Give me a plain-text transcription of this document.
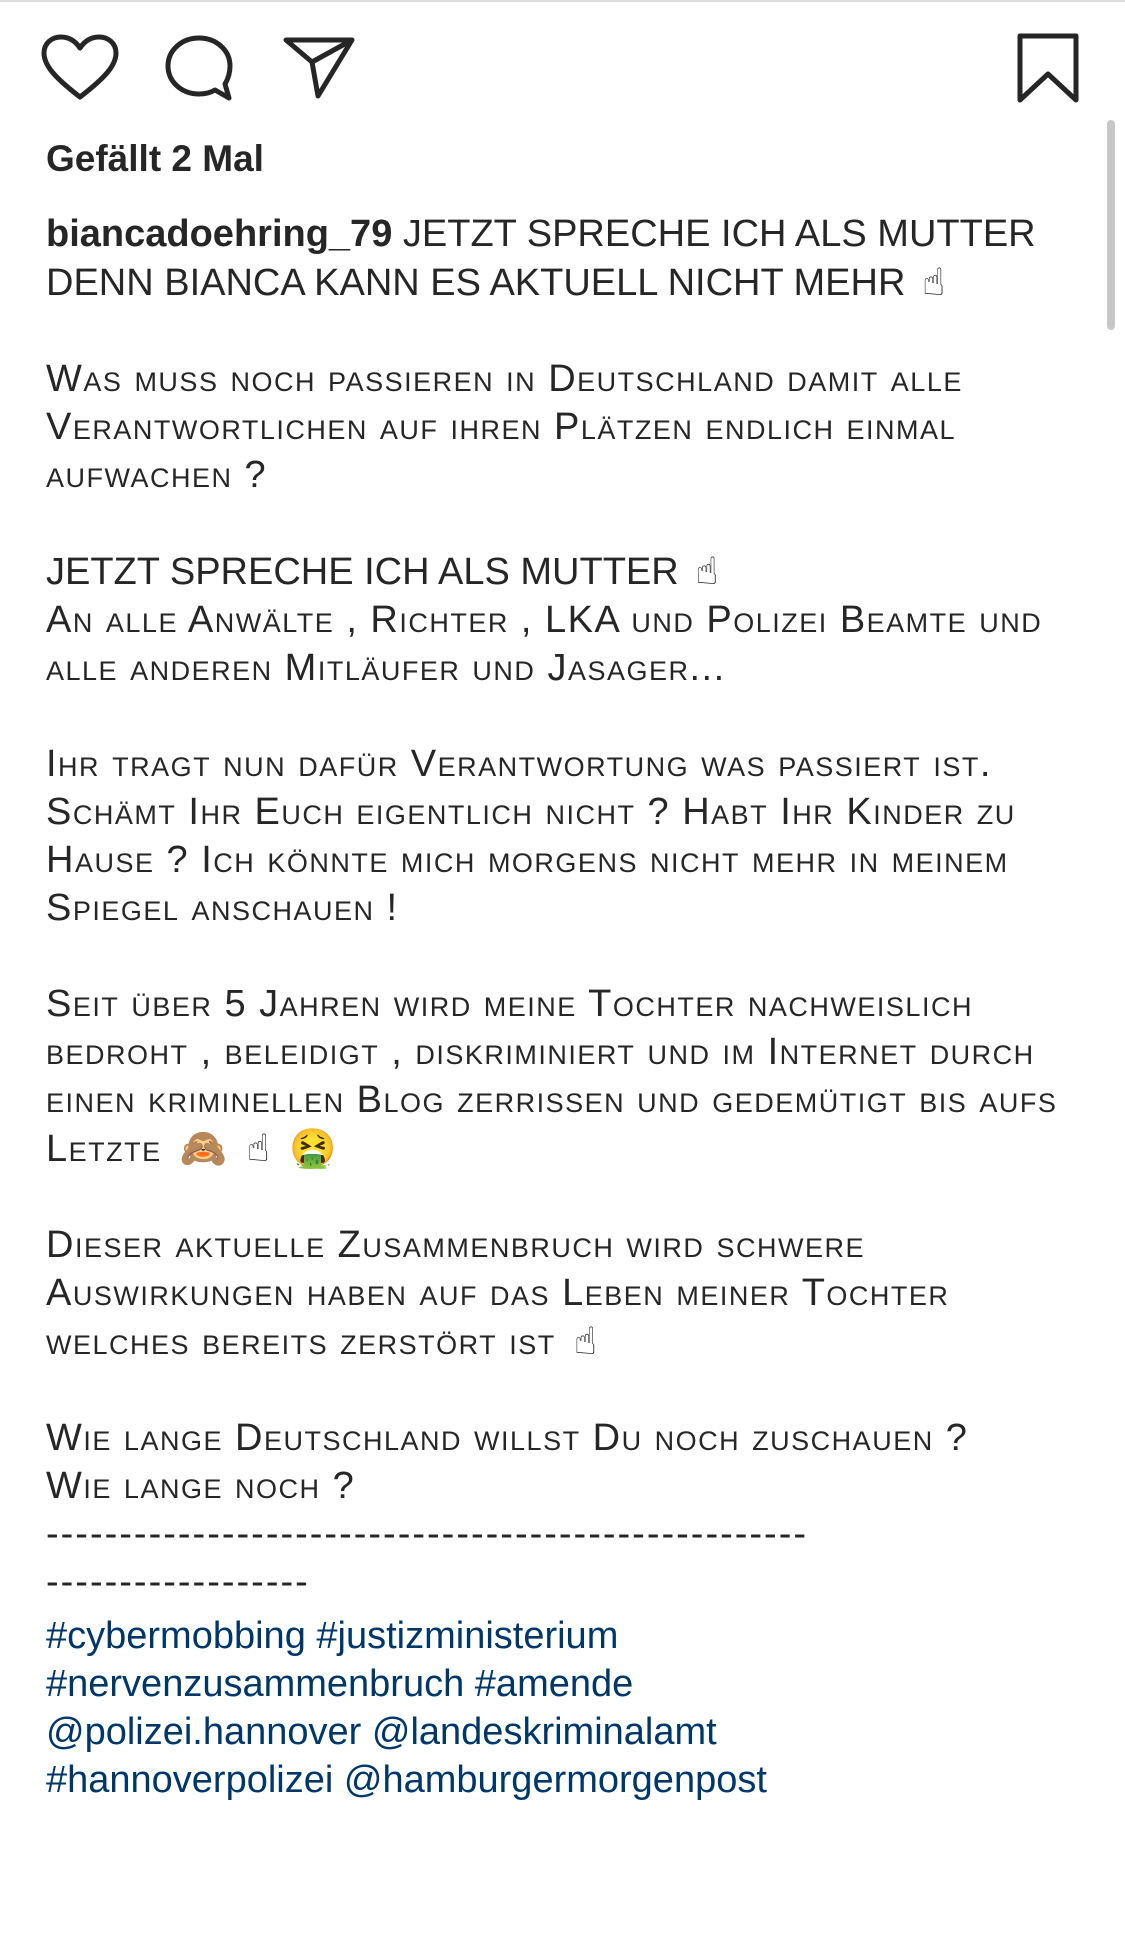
Gefällt 2 Mal

biancadoehring_79 JETZT SPRECHE ICH ALS MUTTER DENN BIANCA KANN ES AKTUELL NICHT MEHR ☝

Was muss noch passieren in Deutschland damit alle Verantwortlichen auf ihren Plätzen endlich einmal aufwachen ?

JETZT SPRECHE ICH ALS MUTTER ☝

An alle Anwälte , Richter , LKA und Polizei Beamte und alle anderen Mitläufer und Jasager...

Ihr tragt nun dafür Verantwortung was passiert ist. Schämt Ihr Euch eigentlich nicht ? Habt Ihr Kinder zu Hause ? Ich könnte mich morgens nicht mehr in meinem Spiegel anschauen !

Seit über 5 Jahren wird meine Tochter nachweislich bedroht , beleidigt , diskriminiert und im Internet durch einen kriminellen Blog zerrissen und gedemütigt bis aufs Letzte 🙈 ☝ 🤮

Dieser aktuelle Zusammenbruch wird schwere Auswirkungen haben auf das Leben meiner Tochter welches bereits zerstört ist ☝

Wie lange Deutschland willst Du noch zuschauen ?

Wie lange noch ?

----------------------------------------------------
------------------
#cybermobbing #justizministerium
#nervenzusammenbruch #amende
@polizei.hannover @landeskriminalamt
#hannoverpolizei @hamburgermorgenpost
